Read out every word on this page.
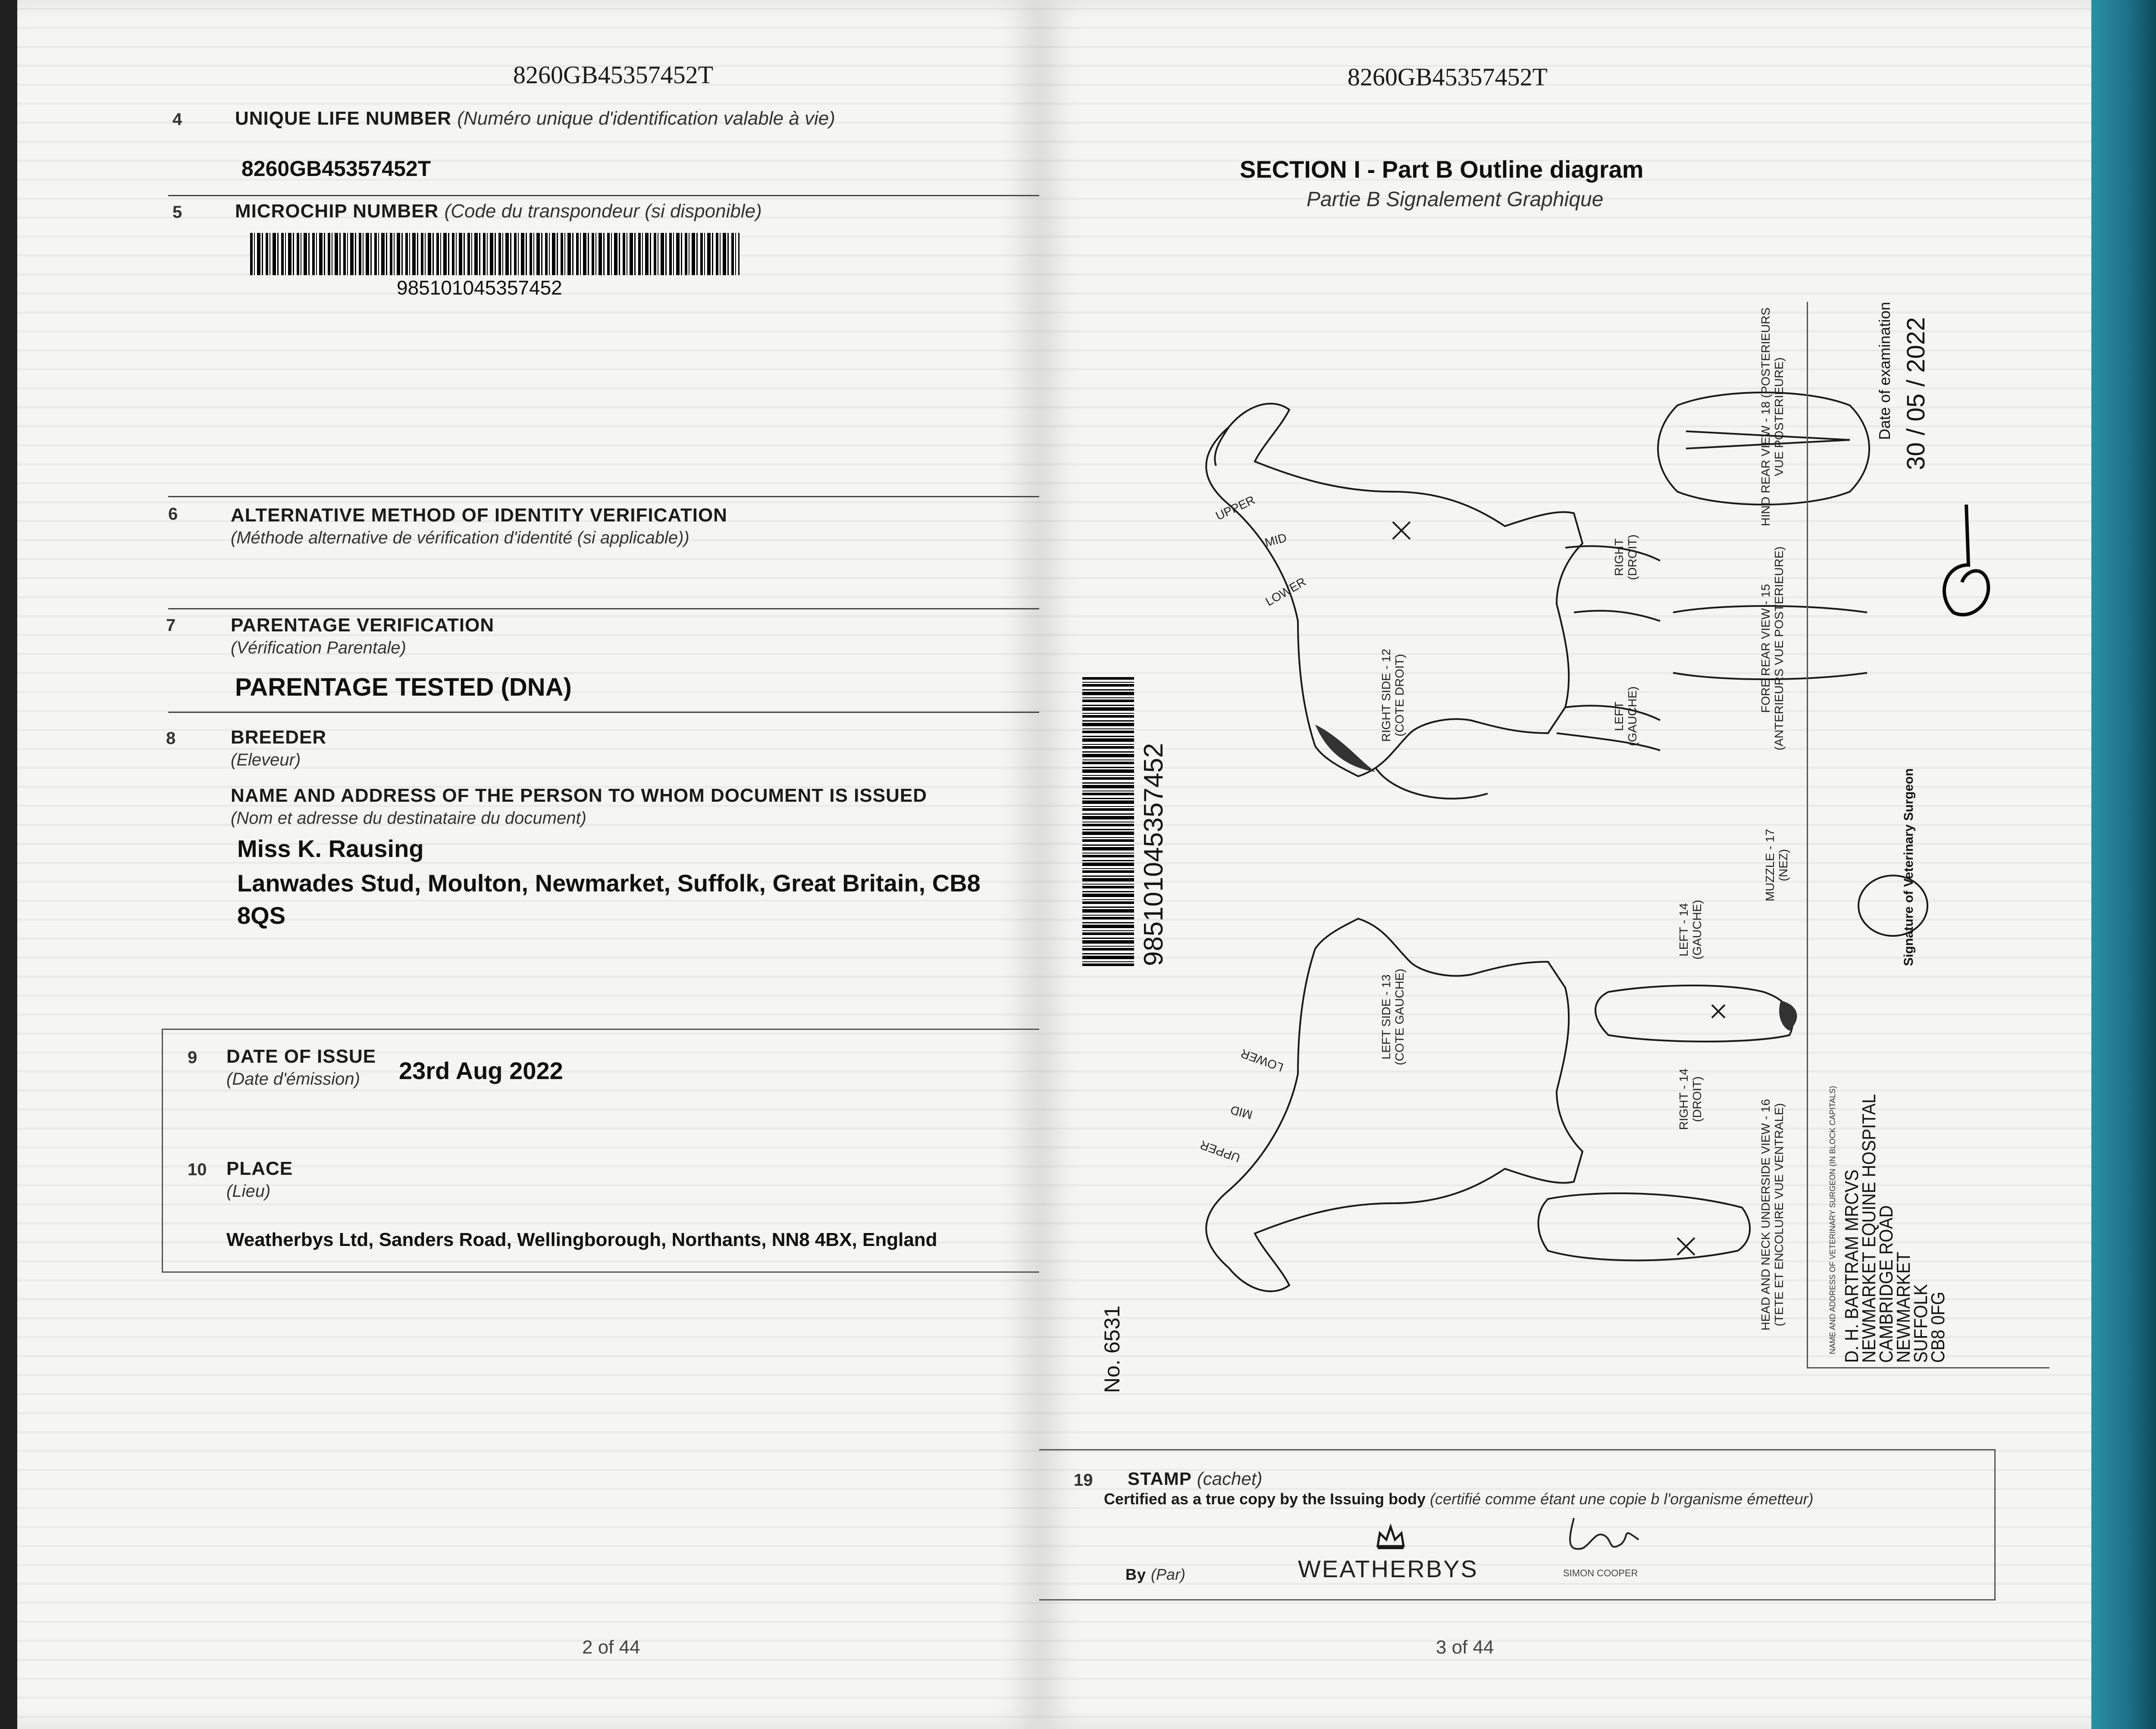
8260GB45357452T
4	UNIQUE LIFE NUMBER (Numéro unique d'identification valable à vie)
8260GB45357452T
5	MICROCHIP NUMBER (Code du transpondeur (si disponible)
985101045357452
6	ALTERNATIVE METHOD OF IDENTITY VERIFICATION
(Méthode alternative de vérification d'identité (si applicable))
7	PARENTAGE VERIFICATION
(Vérification Parentale)
PARENTAGE TESTED (DNA)
8	BREEDER
(Eleveur)
NAME AND ADDRESS OF THE PERSON TO WHOM DOCUMENT IS ISSUED
(Nom et adresse du destinataire du document)
Miss K. Rausing
Lanwades Stud, Moulton, Newmarket, Suffolk, Great Britain, CB8
8QS
9 DATE OF ISSUE
(Date d'émission) 23rd Aug 2022
10 PLACE
(Lieu)
Weatherbys Ltd, Sanders Road, Wellingborough, Northants, NN8 4BX, England
2 of 44
8260GB45357452T
SECTION I - Part B Outline diagram
Partie B Signalement Graphique
985101045357452
No. 6531
UPPER
MID
LOWER
LOWER
MID
UPPER
RIGHT SIDE - 12 (COTE DROIT)
LEFT SIDE - 13 (COTE GAUCHE)
FORE REAR VIEW - 15 (ANTERIEURS VUE POSTERIEURE)
HIND REAR VIEW - 18 (POSTERIEURS VUE POSTERIEURE)
MUZZLE - 17 (NEZ)
HEAD AND NECK UNDERSIDE VIEW - 16 (TETE ET ENCOLURE VUE VENTRALE)
RIGHT (DROIT)
LEFT (GAUCHE)
LEFT - 14 (GAUCHE)
RIGHT - 14 (DROIT)
Date of examination 30 / 05 / 2022
Signature of Veterinary Surgeon
NAME AND ADDRESS OF VETERINARY SURGEON (IN BLOCK CAPITALS) D. H. BARTRAM MRCVS
NEWMARKET EQUINE HOSPITAL
CAMBRIDGE ROAD
NEWMARKET
SUFFOLK
CB8 0FG
19 STAMP (cachet)
Certified as a true copy by the Issuing body (certifié comme étant une copie b l'organisme émetteur)
By (Par)	WEATHERBYS	SIMON COOPER
3 of 44
